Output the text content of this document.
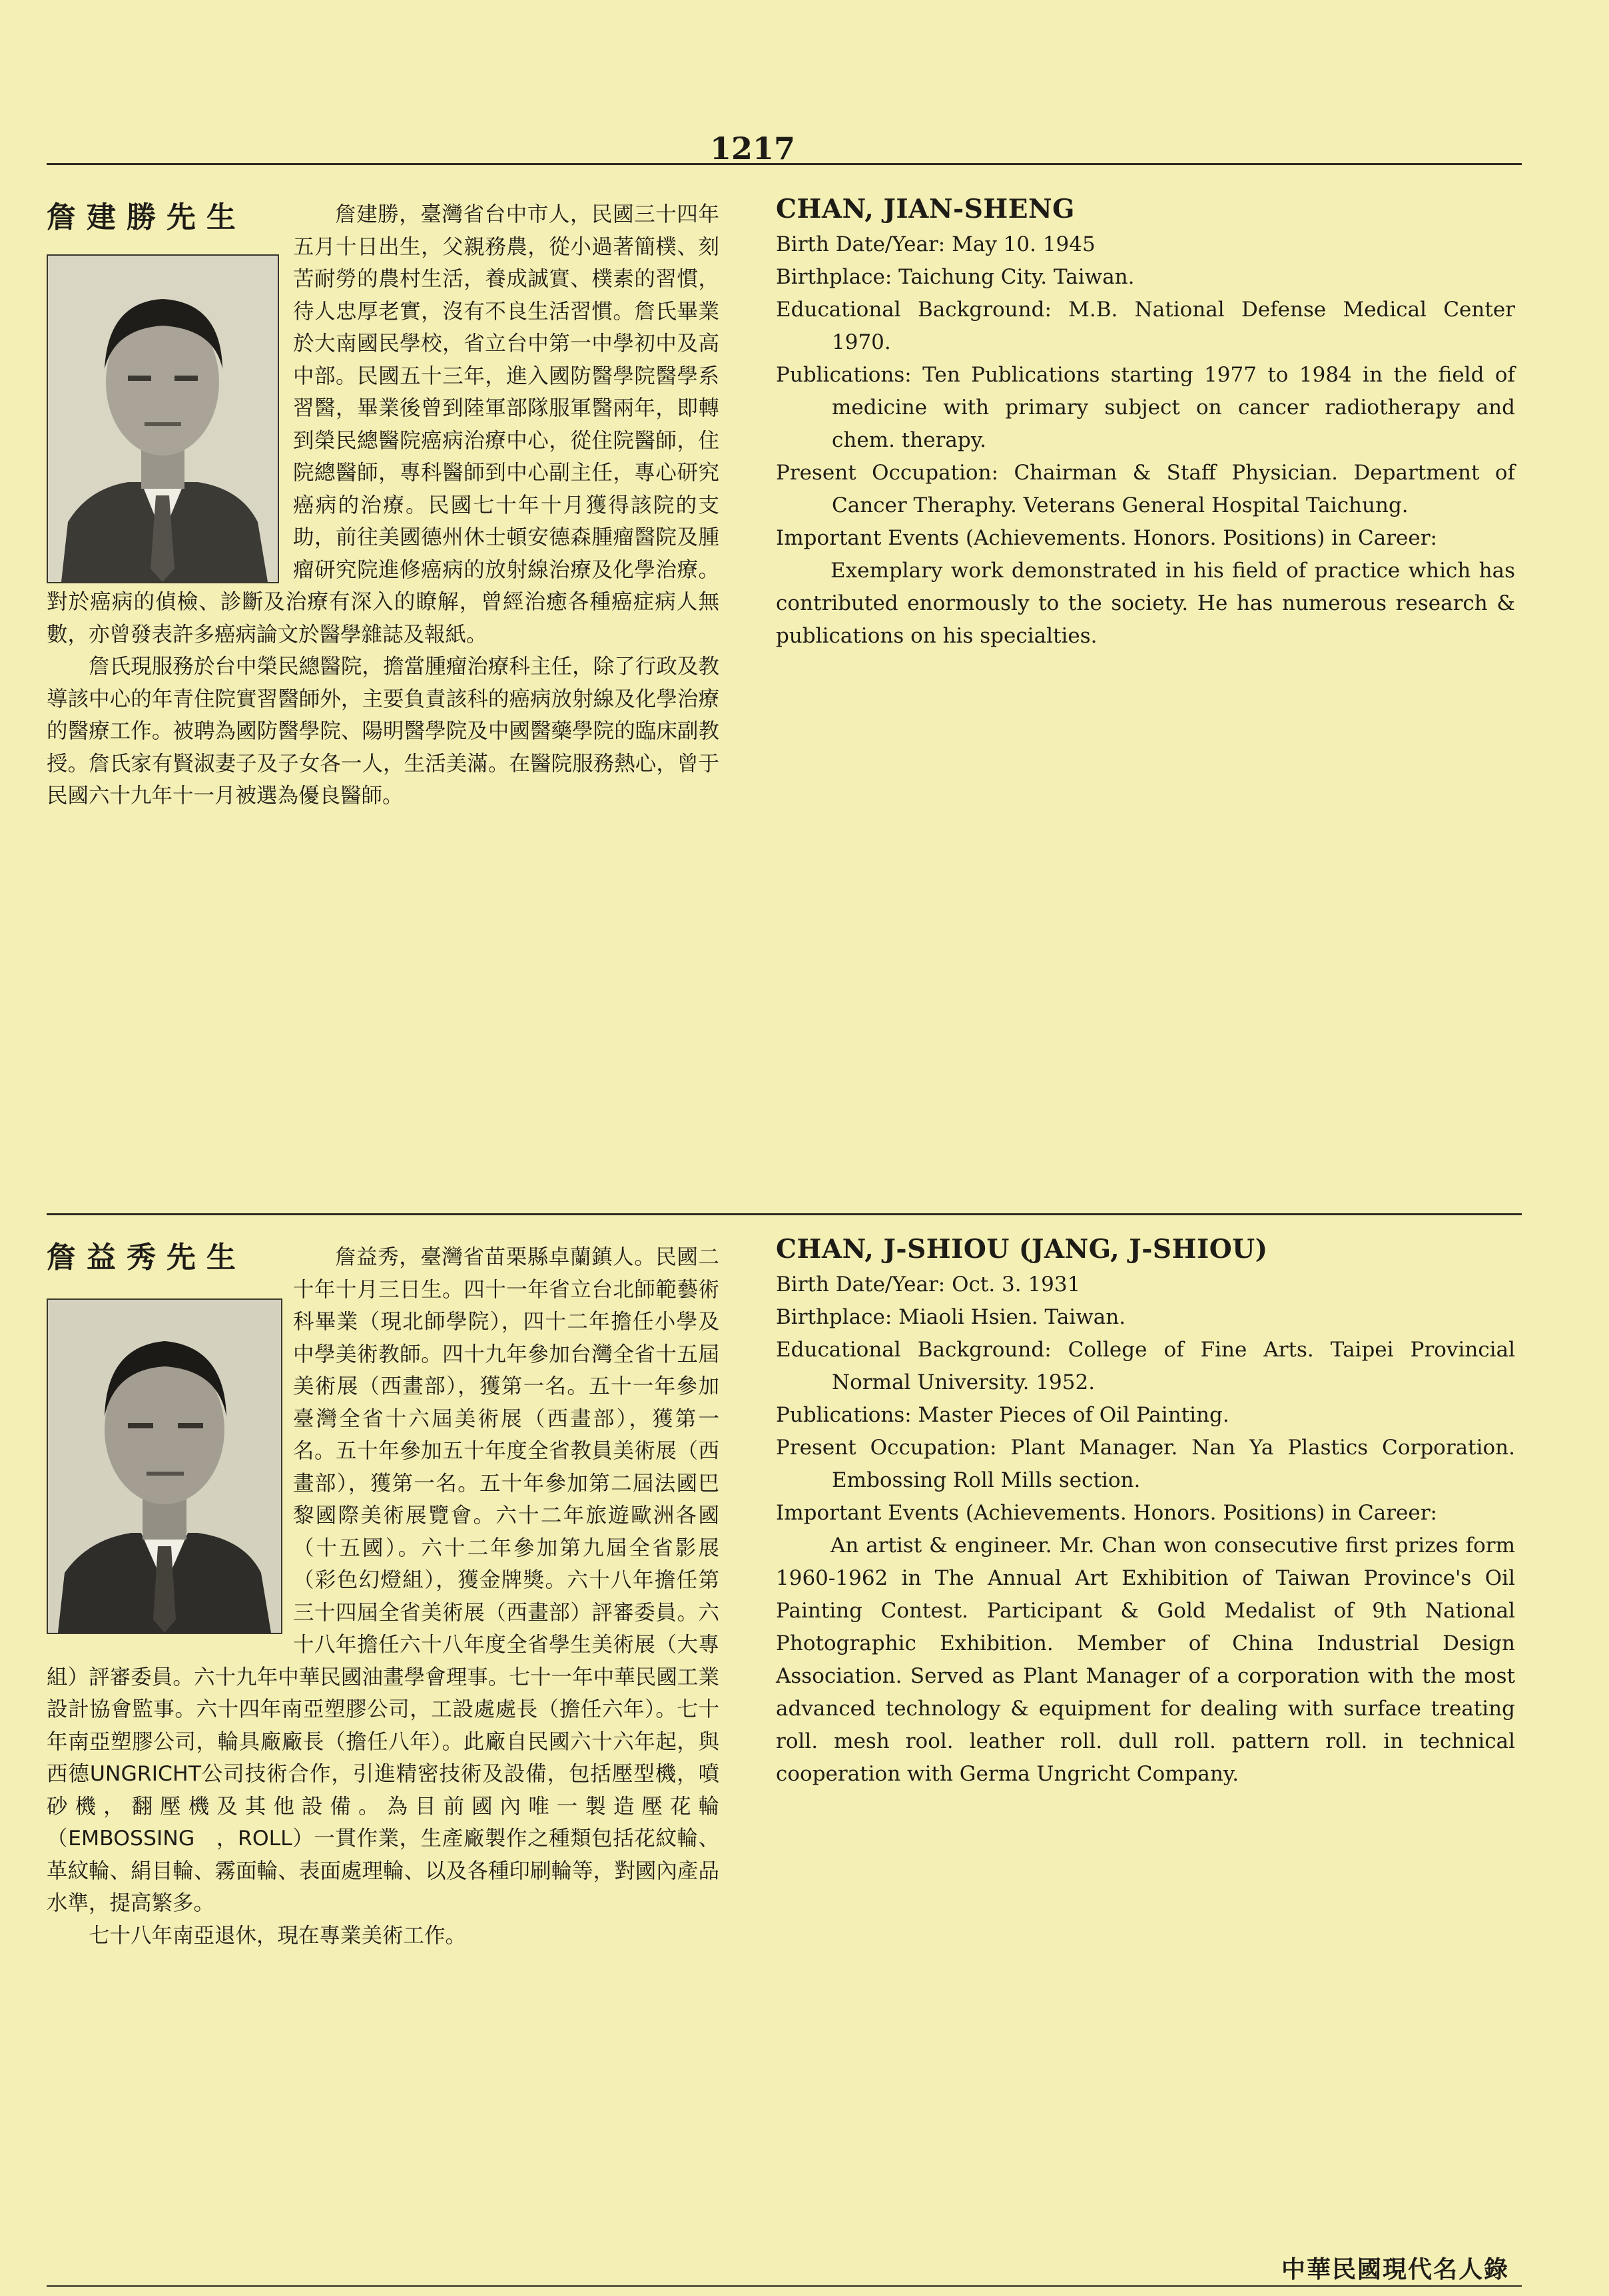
1217

詹建勝，臺灣省台中市人，民國三十四年五月十日出生，父親務農，從小過著簡樸、刻苦耐勞的農村生活，養成誠實、樸素的習慣，待人忠厚老實，沒有不良生活習慣。詹氏畢業於大南國民學校，省立台中第一中學初中及高中部。民國五十三年，進入國防醫學院醫學系習醫，畢業後曾到陸軍部隊服軍醫兩年，即轉到榮民總醫院癌病治療中心，從住院醫師，住院總醫師，專科醫師到中心副主任，專心研究癌病的治療。民國七十年十月獲得該院的支助，前往美國德州休士頓安德森腫瘤醫院及腫瘤研究院進修癌病的放射線治療及化學治療。對於癌病的偵檢、診斷及治療有深入的瞭解，曾經治癒各種癌症病人無數，亦曾發表許多癌病論文於醫學雜誌及報紙。

詹氏現服務於台中榮民總醫院，擔當腫瘤治療科主任，除了行政及教導該中心的年青住院實習醫師外，主要負責該科的癌病放射線及化學治療的醫療工作。被聘為國防醫學院、陽明醫學院及中國醫藥學院的臨床副教授。詹氏家有賢淑妻子及子女各一人，生活美滿。在醫院服務熱心，曾于民國六十九年十一月被選為優良醫師。

詹建勝先生	CHAN, JIAN-SHENG

Birth Date/Year: May 10. 1945

Birthplace: Taichung City. Taiwan.

Educational Background: M.B. National Defense Medical Center 1970.

Publications: Ten Publications starting 1977 to 1984 in the field of medicine with primary subject on cancer radiotherapy and chem. therapy.

Present Occupation: Chairman & Staff Physician. Department of Cancer Theraphy. Veterans General Hospital Taichung.

Important Events (Achievements. Honors. Positions) in Career:

Exemplary work demonstrated in his field of practice which has contributed enormously to the society. He has numerous research & publications on his specialties.

詹益秀，臺灣省苗栗縣卓蘭鎮人。民國二十年十月三日生。四十一年省立台北師範藝術科畢業（現北師學院），四十二年擔任小學及中學美術教師。四十九年參加台灣全省十五屆美術展（西畫部），獲第一名。五十一年參加臺灣全省十六屆美術展（西畫部），獲第一名。五十年參加五十年度全省教員美術展（西畫部），獲第一名。五十年參加第二屆法國巴黎國際美術展覽會。六十二年旅遊歐洲各國（十五國）。六十二年參加第九屆全省影展（彩色幻燈組），獲金牌獎。六十八年擔任第三十四屆全省美術展（西畫部）評審委員。六十八年擔任六十八年度全省學生美術展（大專組）評審委員。六十九年中華民國油畫學會理事。七十一年中華民國工業設計協會監事。六十四年南亞塑膠公司，工設處處長（擔任六年）。七十年南亞塑膠公司，輪具廠廠長（擔任八年）。此廠自民國六十六年起，與西德UNGRICHT公司技術合作，引進精密技術及設備，包括壓型機，噴砂機，翻壓機及其他設備。為目前國內唯一製造壓花輪（EMBOSSING　，ROLL）一貫作業，生產廠製作之種類包括花紋輪、革紋輪、絹目輪、霧面輪、表面處理輪、以及各種印刷輪等，對國內產品水準，提高繁多。

七十八年南亞退休，現在專業美術工作。

詹益秀先生	CHAN, J-SHIOU (JANG, J-SHIOU)

Birth Date/Year: Oct. 3. 1931

Birthplace: Miaoli Hsien. Taiwan.

Educational Background: College of Fine Arts. Taipei Provincial Normal University. 1952.

Publications: Master Pieces of Oil Painting.

Present Occupation: Plant Manager. Nan Ya Plastics Corporation. Embossing Roll Mills section.

Important Events (Achievements. Honors. Positions) in Career:

An artist & engineer. Mr. Chan won consecutive first prizes form 1960-1962 in The Annual Art Exhibition of Taiwan Province's Oil Painting Contest. Participant & Gold Medalist of 9th National Photographic Exhibition. Member of China Industrial Design Association. Served as Plant Manager of a corporation with the most advanced technology & equipment for dealing with surface treating roll. mesh rool. leather roll. dull roll. pattern roll. in technical cooperation with Germa Ungricht Company.

中華民國現代名人錄
